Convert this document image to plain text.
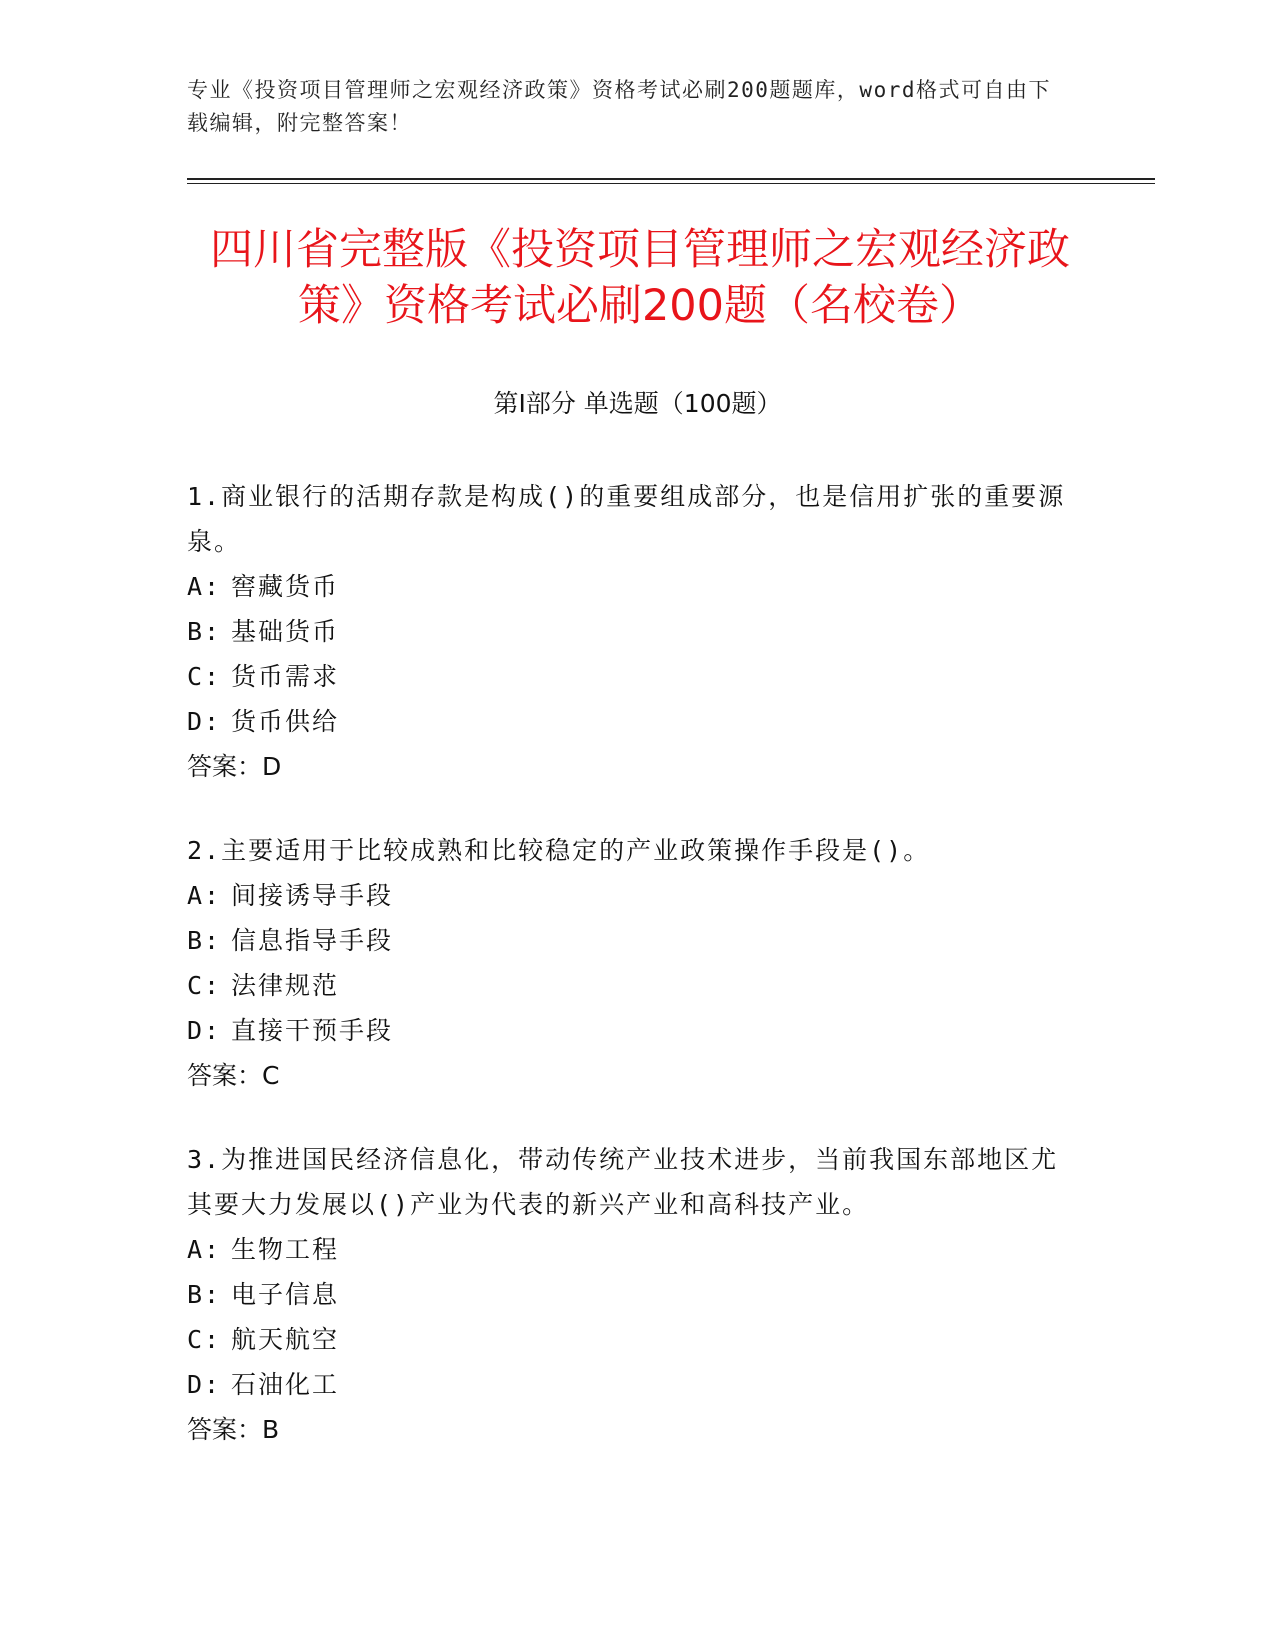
专业《投资项目管理师之宏观经济政策》资格考试必刷200题题库，word格式可自由下载编辑，附完整答案！
四川省完整版《投资项目管理师之宏观经济政策》资格考试必刷200题（名校卷）
第Ⅰ部分 单选题（100题）
1.商业银行的活期存款是构成()的重要组成部分，也是信用扩张的重要源泉。
A: 窖藏货币
B: 基础货币
C: 货币需求
D: 货币供给
答案：D
2.主要适用于比较成熟和比较稳定的产业政策操作手段是()。
A: 间接诱导手段
B: 信息指导手段
C: 法律规范
D: 直接干预手段
答案：C
3.为推进国民经济信息化，带动传统产业技术进步，当前我国东部地区尤其要大力发展以()产业为代表的新兴产业和高科技产业。
A: 生物工程
B: 电子信息
C: 航天航空
D: 石油化工
答案：B
